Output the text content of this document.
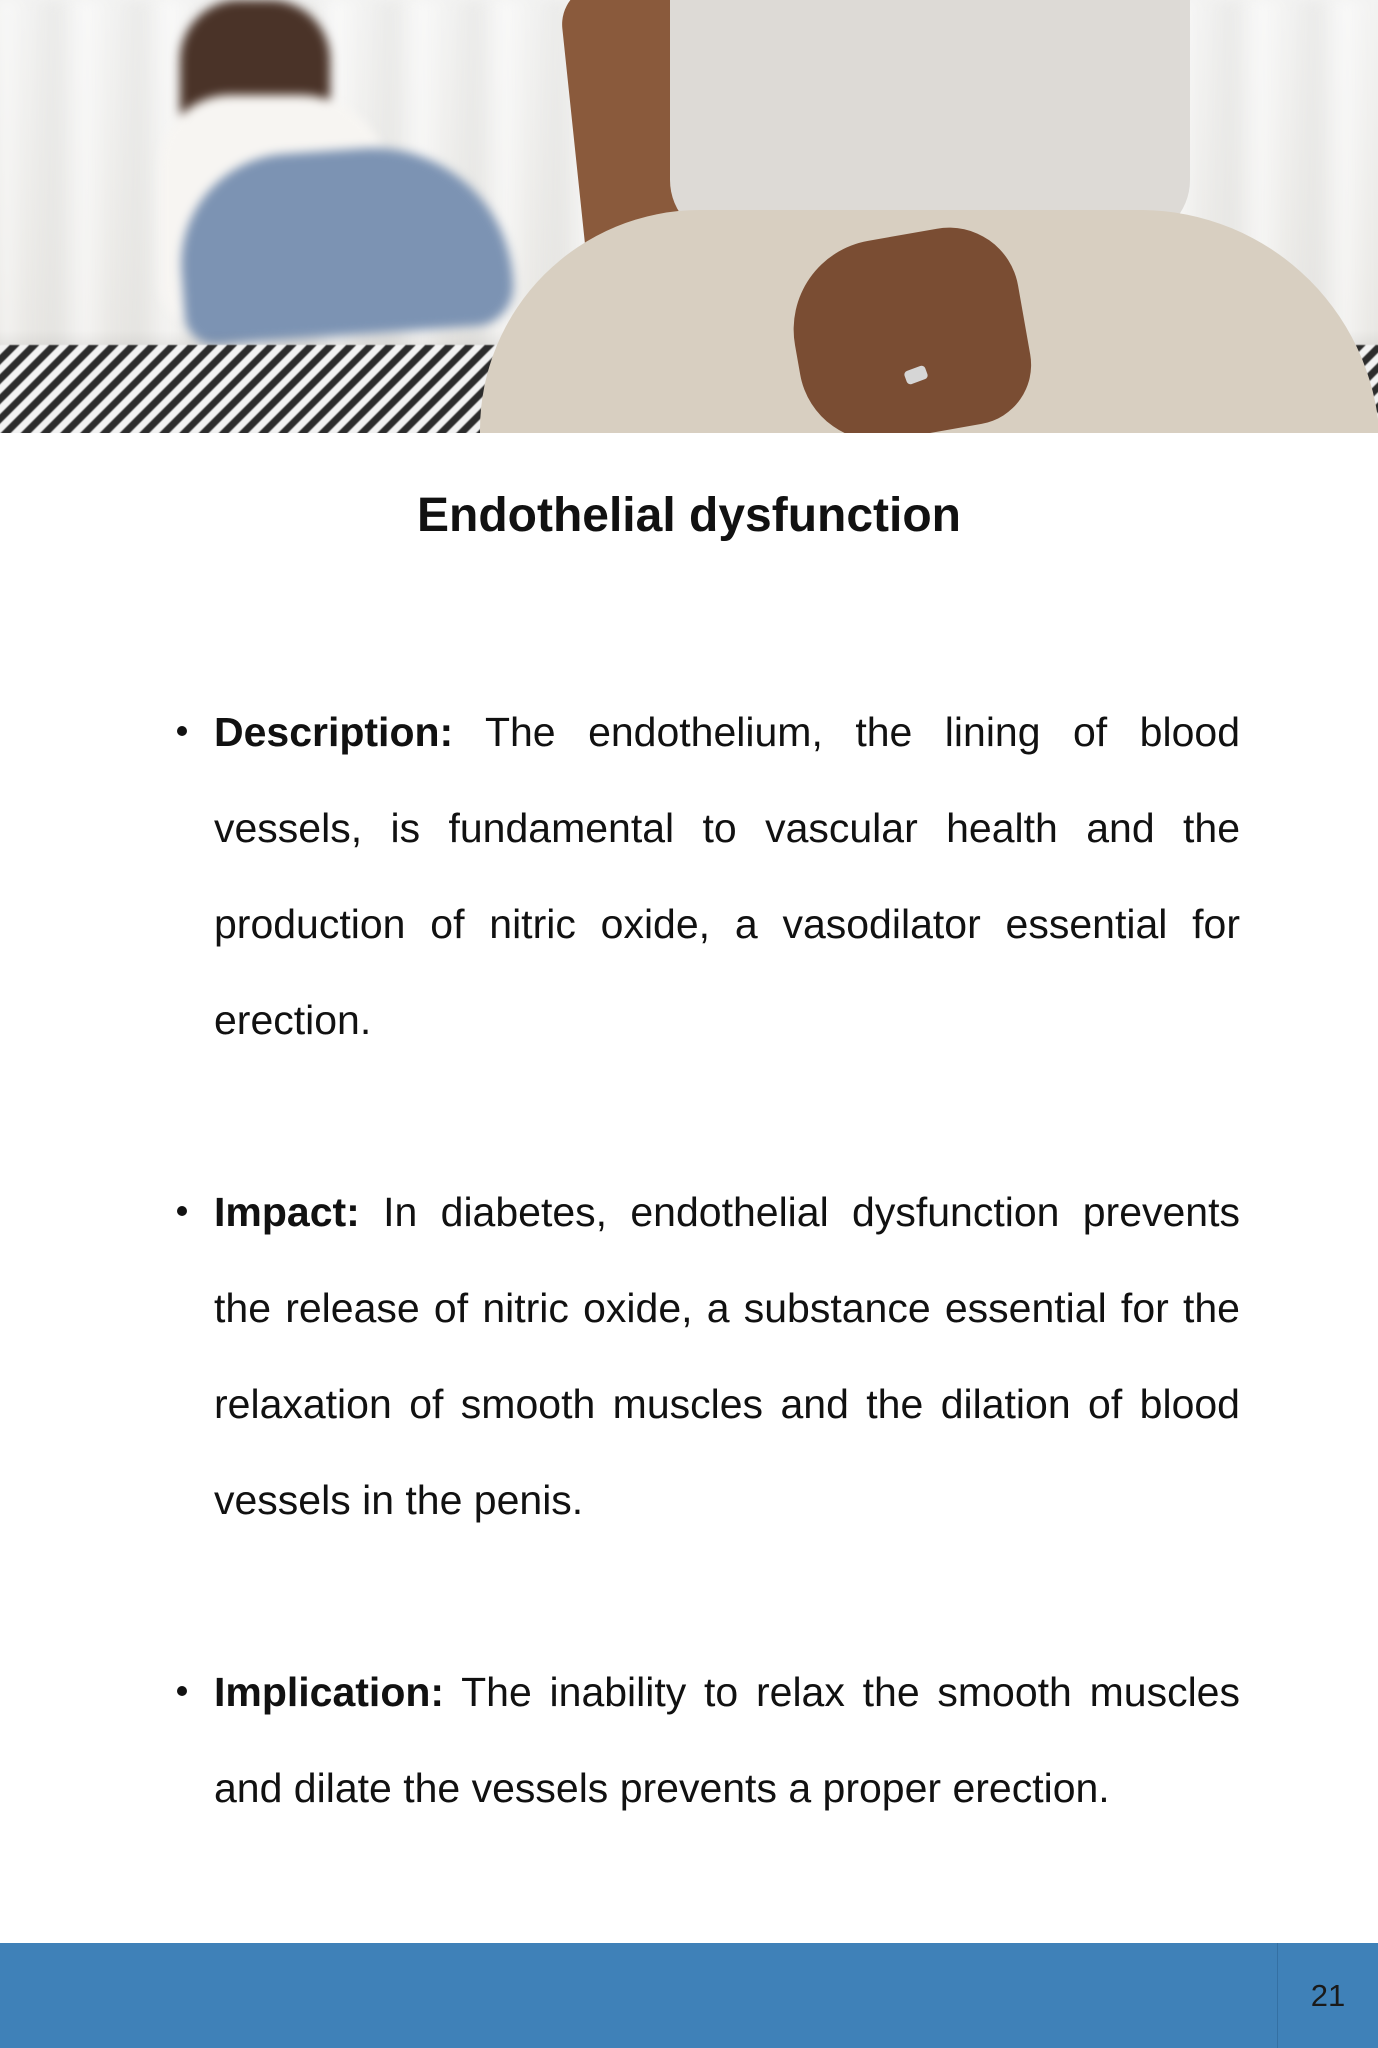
Endothelial dysfunction

Description: The endothelium, the lining of blood vessels, is fundamental to vascular health and the production of nitric oxide, a vasodilator essential for erection.

Impact: In diabetes, endothelial dysfunction prevents the release of nitric oxide, a substance essential for the relaxation of smooth muscles and the dilation of blood vessels in the penis.

Implication: The inability to relax the smooth muscles and dilate the vessels prevents a proper erection.

21
